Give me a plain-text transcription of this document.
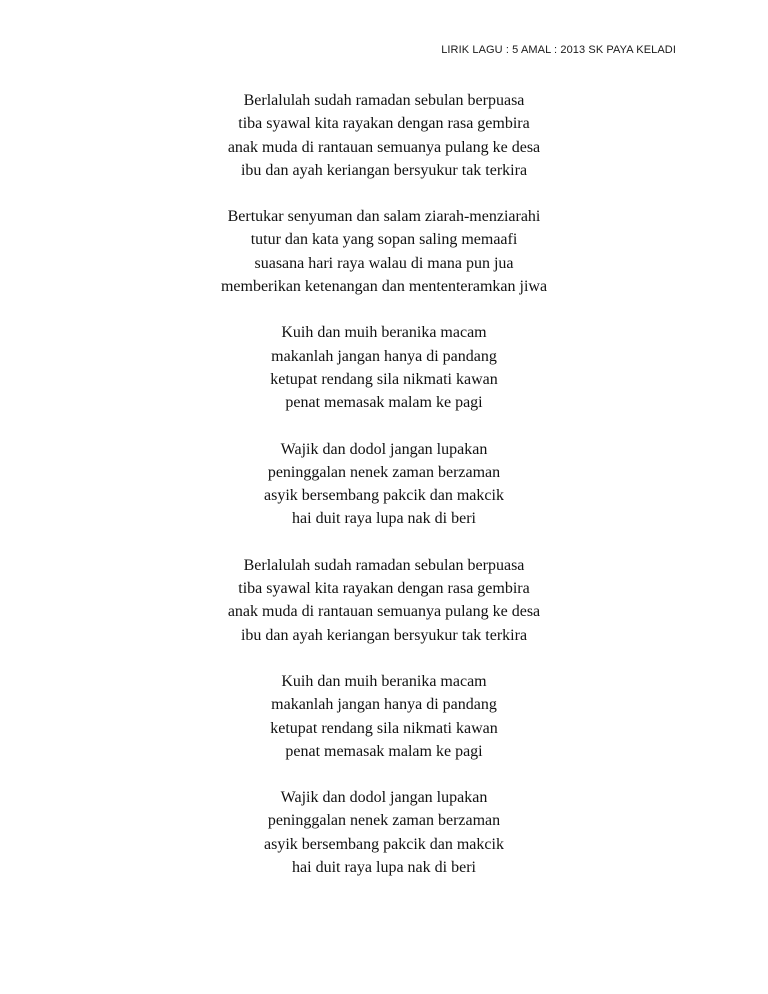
LIRIK LAGU : 5 AMAL : 2013 SK PAYA KELADI
Berlalulah sudah ramadan sebulan berpuasa
tiba syawal kita rayakan dengan rasa gembira
anak muda di rantauan semuanya pulang ke desa
ibu dan ayah keriangan bersyukur tak terkira
Bertukar senyuman dan salam ziarah-menziarahi
tutur dan kata yang sopan saling memaafi
suasana hari raya walau di mana pun jua
memberikan ketenangan dan mententeramkan jiwa
Kuih dan muih beranika macam
makanlah jangan hanya di pandang
ketupat rendang sila nikmati kawan
penat memasak malam ke pagi
Wajik dan dodol jangan lupakan
peninggalan nenek zaman berzaman
asyik bersembang pakcik dan makcik
hai duit raya lupa nak di beri
Berlalulah sudah ramadan sebulan berpuasa
tiba syawal kita rayakan dengan rasa gembira
anak muda di rantauan semuanya pulang ke desa
ibu dan ayah keriangan bersyukur tak terkira
Kuih dan muih beranika macam
makanlah jangan hanya di pandang
ketupat rendang sila nikmati kawan
penat memasak malam ke pagi
Wajik dan dodol jangan lupakan
peninggalan nenek zaman berzaman
asyik bersembang pakcik dan makcik
hai duit raya lupa nak di beri
